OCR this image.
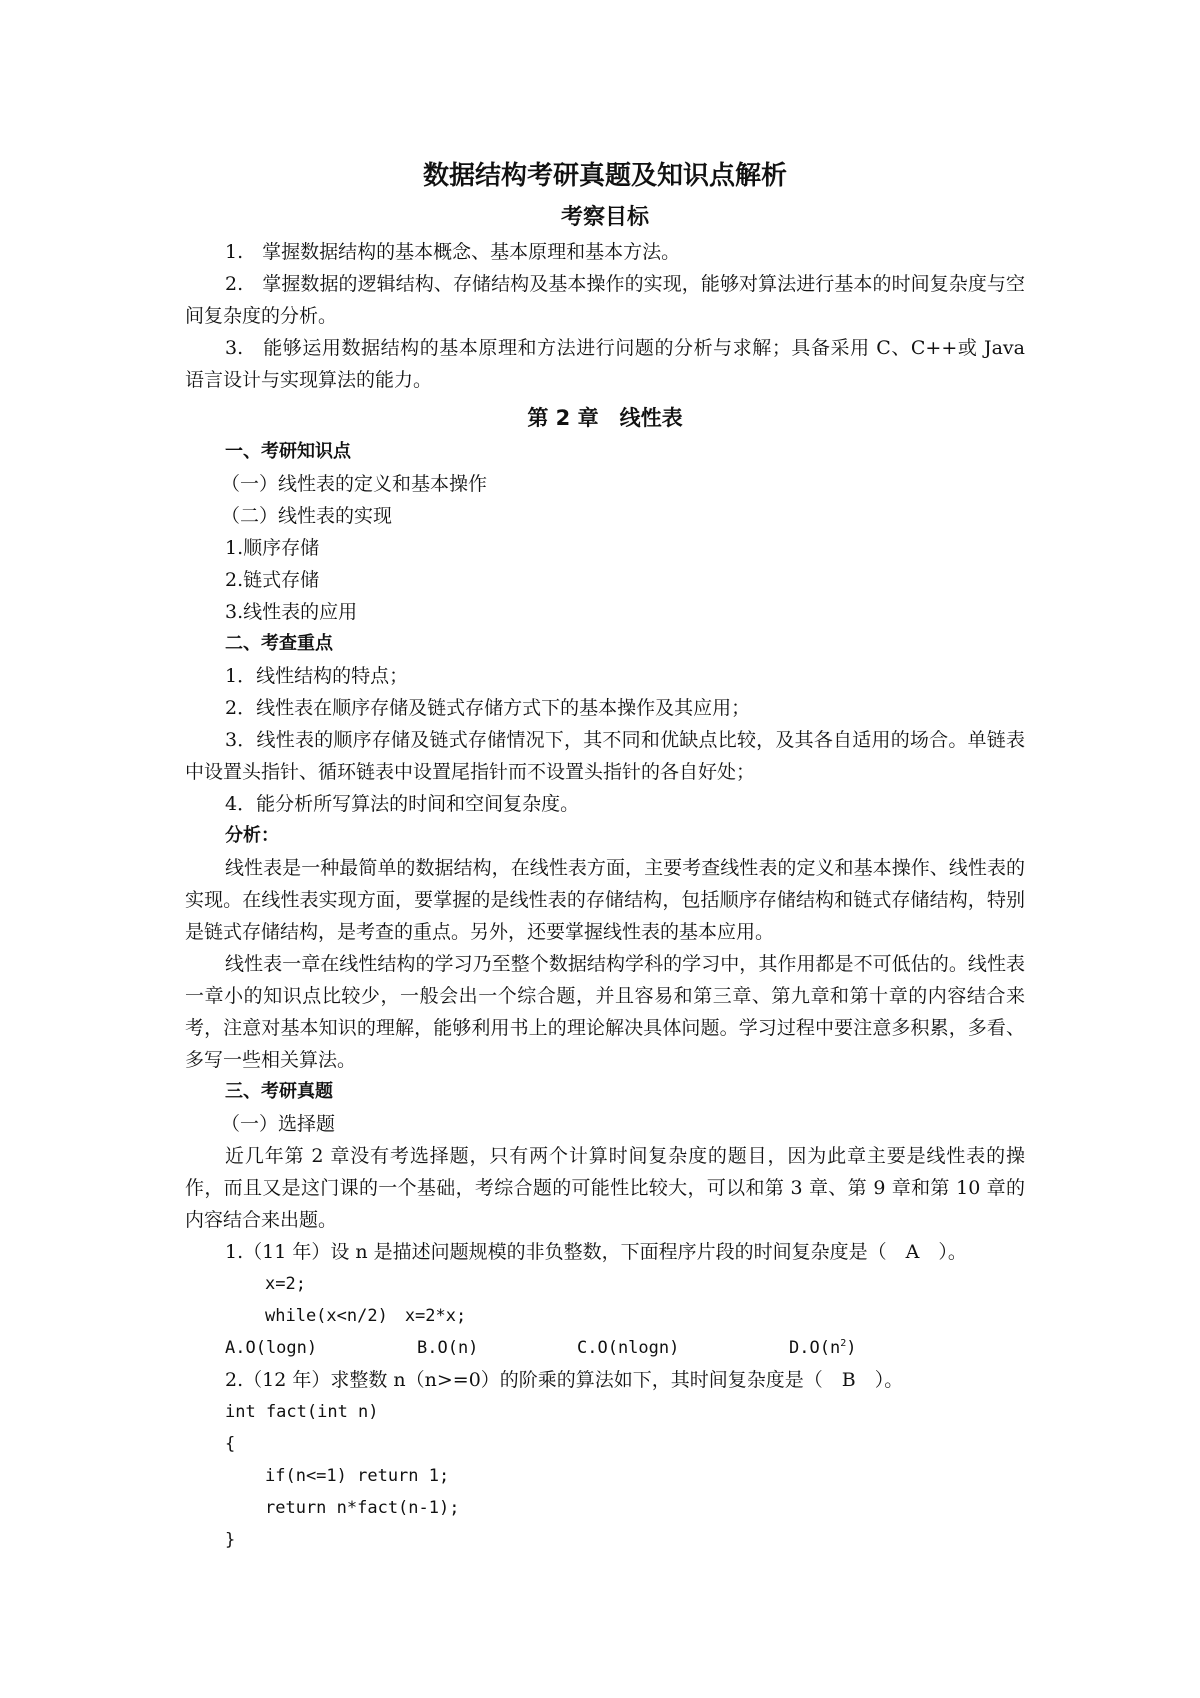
数据结构考研真题及知识点解析
考察目标

1.　掌握数据结构的基本概念、基本原理和基本方法。

2.　掌握数据的逻辑结构、存储结构及基本操作的实现，能够对算法进行基本的时间复杂度与空间复杂度的分析。

3.　能够运用数据结构的基本原理和方法进行问题的分析与求解；具备采用 C、C++或 Java 语言设计与实现算法的能力。

第 2 章　线性表
一、考研知识点

（一）线性表的定义和基本操作

（二）线性表的实现

1.顺序存储

2.链式存储

3.线性表的应用

二、考查重点

1．线性结构的特点；

2．线性表在顺序存储及链式存储方式下的基本操作及其应用；

3．线性表的顺序存储及链式存储情况下，其不同和优缺点比较，及其各自适用的场合。单链表中设置头指针、循环链表中设置尾指针而不设置头指针的各自好处；

4．能分析所写算法的时间和空间复杂度。

分析：

线性表是一种最简单的数据结构，在线性表方面，主要考查线性表的定义和基本操作、线性表的实现。在线性表实现方面，要掌握的是线性表的存储结构，包括顺序存储结构和链式存储结构，特别是链式存储结构，是考查的重点。另外，还要掌握线性表的基本应用。

线性表一章在线性结构的学习乃至整个数据结构学科的学习中，其作用都是不可低估的。线性表一章小的知识点比较少，一般会出一个综合题，并且容易和第三章、第九章和第十章的内容结合来考，注意对基本知识的理解，能够利用书上的理论解决具体问题。学习过程中要注意多积累，多看、多写一些相关算法。

三、考研真题

（一）选择题

近几年第 2 章没有考选择题，只有两个计算时间复杂度的题目，因为此章主要是线性表的操作，而且又是这门课的一个基础，考综合题的可能性比较大，可以和第 3 章、第 9 章和第 10 章的内容结合来出题。

1.（11 年）设 n 是描述问题规模的非负整数，下面程序片段的时间复杂度是（　A　）。

x=2;
while(x<n/2)　x=2*x;
A.O(logn)	B.O(n)	C.O(nlogn)	$D.O(n^2)$

2.（12 年）求整数 n（n>=0）的阶乘的算法如下，其时间复杂度是（　B　）。

int fact(int n)
{
if(n<=1) return 1;
return n*fact(n-1);
}
